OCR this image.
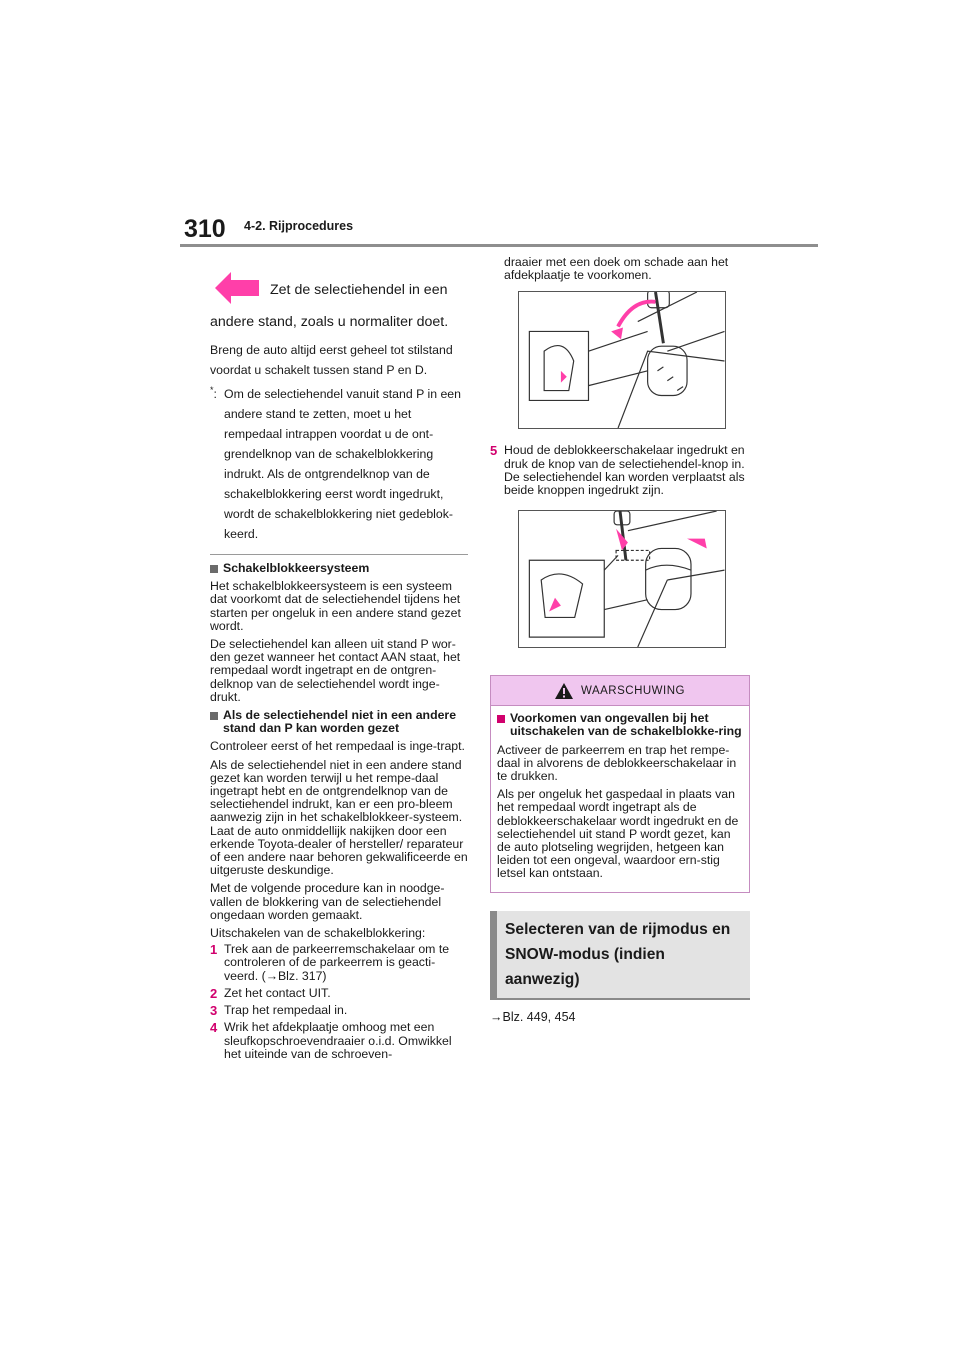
310 4-2. Rijprocedures
Zet de selectiehendel in een
andere stand, zoals u normaliter doet.
Breng de auto altijd eerst geheel tot stilstand voordat u schakelt tussen stand P en D.
*: Om de selectiehendel vanuit stand P in een andere stand te zetten, moet u het rempedaal intrappen voordat u de ont-grendelknop van de schakelblokkering indrukt. Als de ontgrendelknop van de schakelblokkering eerst wordt ingedrukt, wordt de schakelblokkering niet gedeblok-keerd.
Schakelblokkeersysteem
Het schakelblokkeersysteem is een systeem dat voorkomt dat de selectiehendel tijdens het starten per ongeluk in een andere stand gezet wordt.
De selectiehendel kan alleen uit stand P wor-den gezet wanneer het contact AAN staat, het rempedaal wordt ingetrapt en de ontgren-delknop van de selectiehendel wordt inge-drukt.
Als de selectiehendel niet in een andere stand dan P kan worden gezet
Controleer eerst of het rempedaal is inge-trapt.
Als de selectiehendel niet in een andere stand gezet kan worden terwijl u het rempe-daal ingetrapt hebt en de ontgrendelknop van de selectiehendel indrukt, kan er een pro-bleem aanwezig zijn in het schakelblokkeer-systeem. Laat de auto onmiddellijk nakijken door een erkende Toyota-dealer of hersteller/ reparateur of een andere naar behoren gekwalificeerde en uitgeruste deskundige.
Met de volgende procedure kan in noodge-vallen de blokkering van de selectiehendel ongedaan worden gemaakt.
Uitschakelen van de schakelblokkering:
1 Trek aan de parkeerremschakelaar om te controleren of de parkeerrem is geacti-veerd. (→Blz. 317)
2 Zet het contact UIT.
3 Trap het rempedaal in.
4 Wrik het afdekplaatje omhoog met een sleufkopschroevendraaier o.i.d. Omwikkel het uiteinde van de schroeven-
draaier met een doek om schade aan het afdekplaatje te voorkomen.
5 Houd de deblokkeerschakelaar ingedrukt en druk de knop van de selectiehendel-knop in. De selectiehendel kan worden verplaatst als beide knoppen ingedrukt zijn.
WAARSCHUWING
Voorkomen van ongevallen bij het uitschakelen van de schakelblokke-ring
Activeer de parkeerrem en trap het rempe-daal in alvorens de deblokkeerschakelaar in te drukken.
Als per ongeluk het gaspedaal in plaats van het rempedaal wordt ingetrapt als de deblokkeerschakelaar wordt ingedrukt en de selectiehendel uit stand P wordt gezet, kan de auto plotseling wegrijden, hetgeen kan leiden tot een ongeval, waardoor ern-stig letsel kan ontstaan.
Selecteren van de rijmodus en
SNOW-modus (indien
aanwezig)
→Blz. 449, 454
